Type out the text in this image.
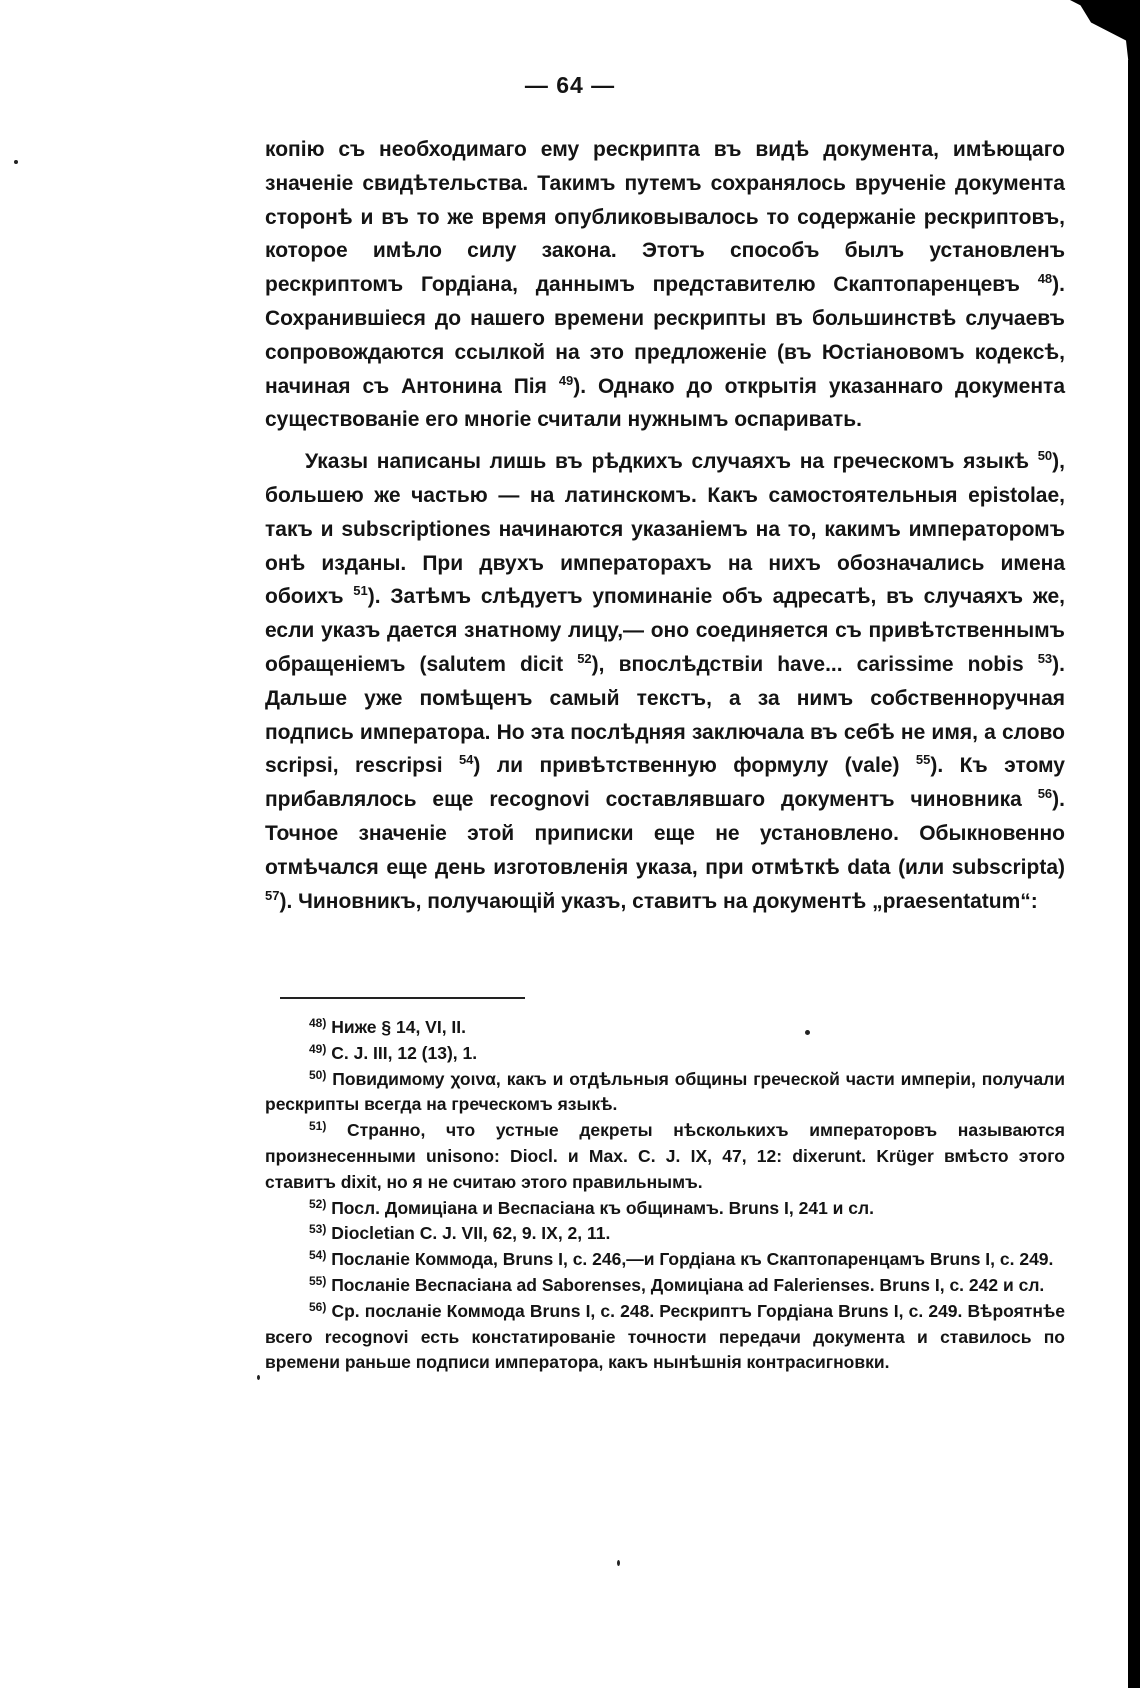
— 64 —

копію съ необходимаго ему рескрипта въ видѣ документа, имѣющаго значеніе свидѣтельства. Такимъ путемъ сохранялось врученіе документа сторонѣ и въ то же время опубликовывалось то содержаніе рескриптовъ, которое имѣло силу закона. Этотъ способъ былъ установленъ рескриптомъ Гордіана, даннымъ представителю Скаптопаренцевъ $^{48}$). Сохранившіеся до нашего времени рескрипты въ большинствѣ случаевъ сопровождаются ссылкой на это предложеніе (въ Юстіановомъ кодексѣ, начиная съ Антонина Пія $^{49}$). Однако до открытія указаннаго документа существованіе его многіе считали нужнымъ оспаривать.

Указы написаны лишь въ рѣдкихъ случаяхъ на греческомъ языкѣ $^{50}$), большею же частью — на латинскомъ. Какъ самостоятельныя epistolae, такъ и subscriptiones начинаются указаніемъ на то, какимъ императоромъ онѣ изданы. При двухъ императорахъ на нихъ обозначались имена обоихъ $^{51}$). Затѣмъ слѣдуетъ упоминаніе объ адресатѣ, въ случаяхъ же, если указъ дается знатному лицу,— оно соединяется съ привѣтственнымъ обращеніемъ (salutem dicit $^{52}$), впослѣдствіи have... carissime nobis $^{53}$). Дальше уже помѣщенъ самый текстъ, а за нимъ собственноручная подпись императора. Но эта послѣдняя заключала въ себѣ не имя, а слово scripsi, rescripsi $^{54}$) ли привѣтственную формулу (vale) $^{55}$). Къ этому прибавлялось еще recognovi составлявшаго документъ чиновника $^{56}$). Точное значеніе этой приписки еще не установлено. Обыкновенно отмѣчался еще день изготовленія указа, при отмѣткѣ data (или subscripta) $^{57}$). Чиновникъ, получающій указъ, ставитъ на документѣ „praesentatum“:

$^{48)}$ Ниже § 14, VI, II.

$^{49)}$ C. J. III, 12 (13), 1.

$^{50)}$ Повидимому χοινα, какъ и отдѣльныя общины греческой части имперіи, получали рескрипты всегда на греческомъ языкѣ.

$^{51)}$ Странно, что устные декреты нѣсколькихъ императоровъ называются произнесенными unisono: Diocl. и Max. C. J. IX, 47, 12: dixerunt. Krüger вмѣсто этого ставитъ dixit, но я не считаю этого правильнымъ.

$^{52)}$ Посл. Домиціана и Веспасіана къ общинамъ. Bruns I, 241 и сл.

$^{53)}$ Diocletian C. J. VII, 62, 9. IX, 2, 11.

$^{54)}$ Посланіе Коммода, Bruns I, c. 246,—и Гордіана къ Скаптопаренцамъ Bruns I, c. 249.

$^{55)}$ Посланіе Веспасіана ad Saborenses, Домиціана ad Falerienses. Bruns I, c. 242 и сл.

$^{56)}$ Ср. посланіе Коммода Bruns I, c. 248. Рескриптъ Гордіана Bruns I, c. 249. Вѣроятнѣе всего recognovi есть констатированіе точности передачи документа и ставилось по времени раньше подписи императора, какъ нынѣшнія контрасигновки.
